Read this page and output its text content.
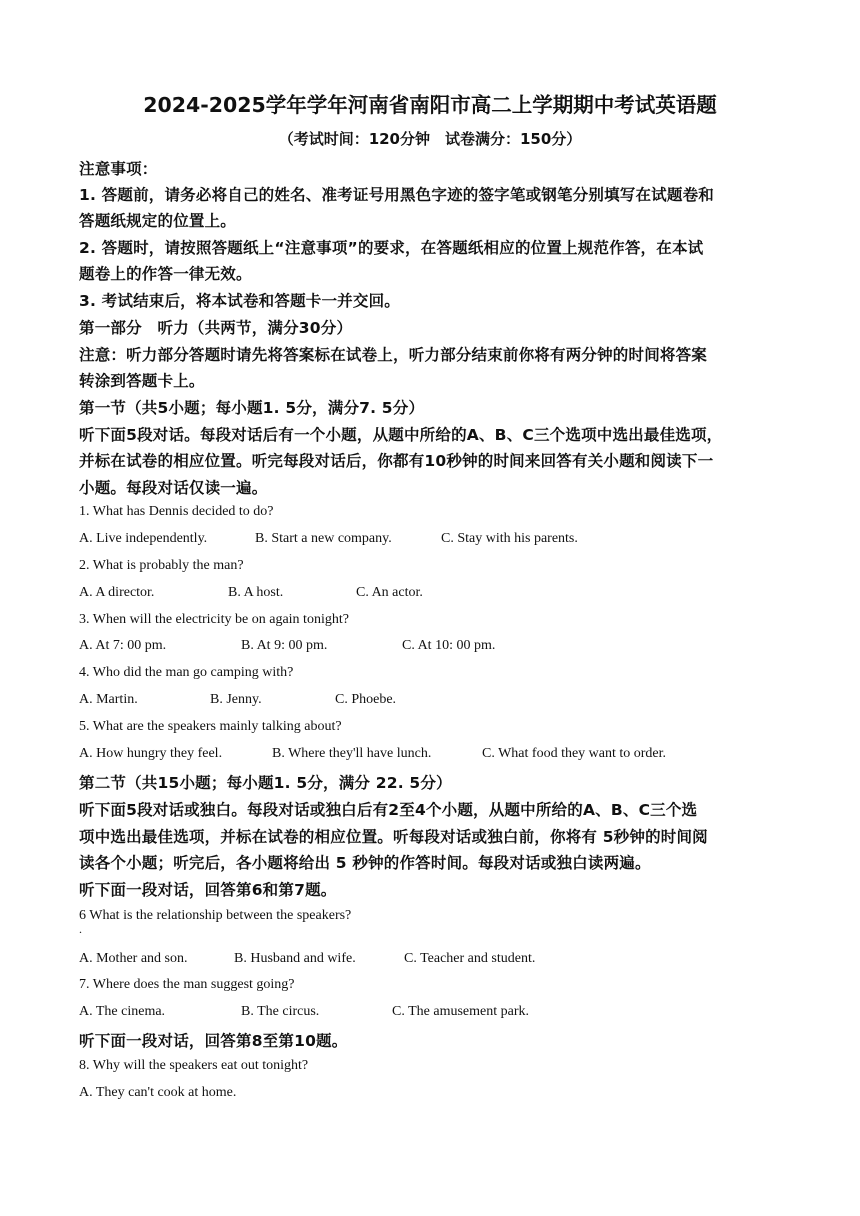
2024-2025学年学年河南省南阳市高二上学期期中考试英语题
（考试时间：120分钟　试卷满分：150分）
注意事项：
1. 答题前，请务必将自己的姓名、准考证号用黑色字迹的签字笔或钢笔分别填写在试题卷和
答题纸规定的位置上。
2. 答题时，请按照答题纸上“注意事项”的要求，在答题纸相应的位置上规范作答，在本试
题卷上的作答一律无效。
3. 考试结束后，将本试卷和答题卡一并交回。
第一部分　听力（共两节，满分30分）
注意：听力部分答题时请先将答案标在试卷上，听力部分结束前你将有两分钟的时间将答案
转涂到答题卡上。
第一节（共5小题；每小题1. 5分，满分7. 5分）
听下面5段对话。每段对话后有一个小题，从题中所给的A、B、C三个选项中选出最佳选项，
并标在试卷的相应位置。听完每段对话后，你都有10秒钟的时间来回答有关小题和阅读下一
小题。每段对话仅读一遍。
1. What has Dennis decided to do?
A. Live independently.	B. Start a new company.	C. Stay with his parents.
2. What is probably the man?
A. A director.	B. A host.	C. An actor.
3. When will the electricity be on again tonight?
A. At 7: 00 pm.	B. At 9: 00 pm.	C. At 10: 00 pm.
4. Who did the man go camping with?
A. Martin.	B. Jenny.	C. Phoebe.
5. What are the speakers mainly talking about?
A. How hungry they feel.	B. Where they'll have lunch.	C. What food they want to order.
第二节（共15小题；每小题1. 5分，满分 22. 5分）
听下面5段对话或独白。每段对话或独白后有2至4个小题，从题中所给的A、B、C三个选
项中选出最佳选项，并标在试卷的相应位置。听每段对话或独白前，你将有 5秒钟的时间阅
读各个小题；听完后，各小题将给出 5 秒钟的作答时间。每段对话或独白读两遍。
听下面一段对话，回答第6和第7题。
6 What is the relationship between the speakers?
.
A. Mother and son.	B. Husband and wife.	C. Teacher and student.
7. Where does the man suggest going?
A. The cinema.	B. The circus.	C. The amusement park.
听下面一段对话，回答第8至第10题。
8. Why will the speakers eat out tonight?
A. They can't cook at home.
